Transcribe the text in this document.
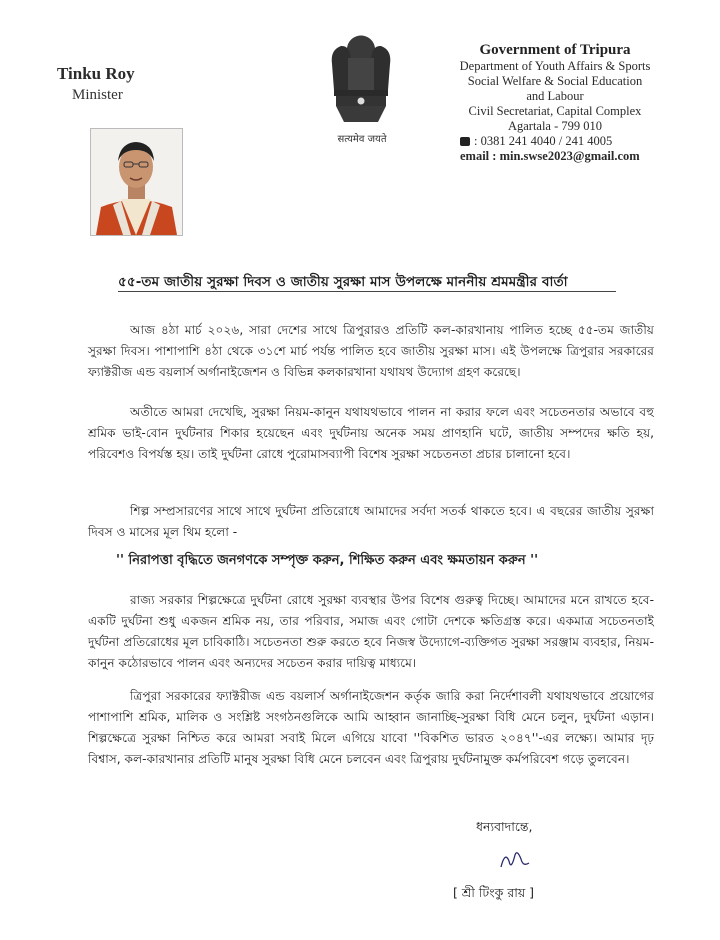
Tinku Roy
Minister
सत्यमेव जयते
Government of Tripura
Department of Youth Affairs & Sports
Social Welfare & Social Education
and Labour
Civil Secretariat, Capital Complex
Agartala - 799 010
: 0381 241 4040 / 241 4005
email : min.swse2023@gmail.com
৫৫-তম জাতীয় সুরক্ষা দিবস ও জাতীয় সুরক্ষা মাস উপলক্ষে মাননীয় শ্রমমন্ত্রীর বার্তা
আজ ৪ঠা মার্চ ২০২৬, সারা দেশের সাথে ত্রিপুরারও প্রতিটি কল-কারখানায় পালিত হচ্ছে ৫৫-তম জাতীয় সুরক্ষা দিবস। পাশাপাশি ৪ঠা থেকে ৩১শে মার্চ পর্যন্ত পালিত হবে জাতীয় সুরক্ষা মাস। এই উপলক্ষে ত্রিপুরার সরকারের ফ্যাক্টরীজ এন্ড বয়লার্স অর্গানাইজেশন ও বিভিন্ন কলকারখানা যথাযথ উদ্যোগ গ্রহণ করেছে।
অতীতে আমরা দেখেছি, সুরক্ষা নিয়ম-কানুন যথাযথভাবে পালন না করার ফলে এবং সচেতনতার অভাবে বহু শ্রমিক ভাই-বোন দুর্ঘটনার শিকার হয়েছেন এবং দুর্ঘটনায় অনেক সময় প্রাণহানি ঘটে, জাতীয় সম্পদের ক্ষতি হয়, পরিবেশও বিপর্যস্ত হয়। তাই দুর্ঘটনা রোধে পুরোমাসব্যাপী বিশেষ সুরক্ষা সচেতনতা প্রচার চালানো হবে।
শিল্প সম্প্রসারণের সাথে সাথে দুর্ঘটনা প্রতিরোধে আমাদের সর্বদা সতর্ক থাকতে হবে। এ বছরের জাতীয় সুরক্ষা দিবস ও মাসের মূল থিম হলো -
'' নিরাপত্তা বৃদ্ধিতে জনগণকে সম্পৃক্ত করুন, শিক্ষিত করুন এবং ক্ষমতায়ন করুন ''
রাজ্য সরকার শিল্পক্ষেত্রে দুর্ঘটনা রোধে সুরক্ষা ব্যবস্থার উপর বিশেষ গুরুত্ব দিচ্ছে। আমাদের মনে রাখতে হবে-একটি দুর্ঘটনা শুধু একজন শ্রমিক নয়, তার পরিবার, সমাজ এবং গোটা দেশকে ক্ষতিগ্রস্ত করে। একমাত্র সচেতনতাই দুর্ঘটনা প্রতিরোধের মূল চাবিকাঠি। সচেতনতা শুরু করতে হবে নিজস্ব উদ্যোগে-ব্যক্তিগত সুরক্ষা সরঞ্জাম ব্যবহার, নিয়ম-কানুন কঠোরভাবে পালন এবং অন্যদের সচেতন করার দায়িত্ব মাধ্যমে।
ত্রিপুরা সরকারের ফ্যাক্টরীজ এন্ড বয়লার্স অর্গানাইজেশন কর্তৃক জারি করা নির্দেশাবলী যথাযথভাবে প্রয়োগের পাশাপাশি শ্রমিক, মালিক ও সংশ্লিষ্ট সংগঠনগুলিকে আমি আহ্বান জানাচ্ছি-সুরক্ষা বিধি মেনে চলুন, দুর্ঘটনা এড়ান। শিল্পক্ষেত্রে সুরক্ষা নিশ্চিত করে আমরা সবাই মিলে এগিয়ে যাবো ''বিকশিত ভারত ২০৪৭''-এর লক্ষ্যে। আমার দৃঢ় বিশ্বাস, কল-কারখানার প্রতিটি মানুষ সুরক্ষা বিধি মেনে চলবেন এবং ত্রিপুরায় দুর্ঘটনামুক্ত কর্মপরিবেশ গড়ে তুলবেন।
ধন্যবাদান্তে,
[ শ্রী টিংকু রায় ]
